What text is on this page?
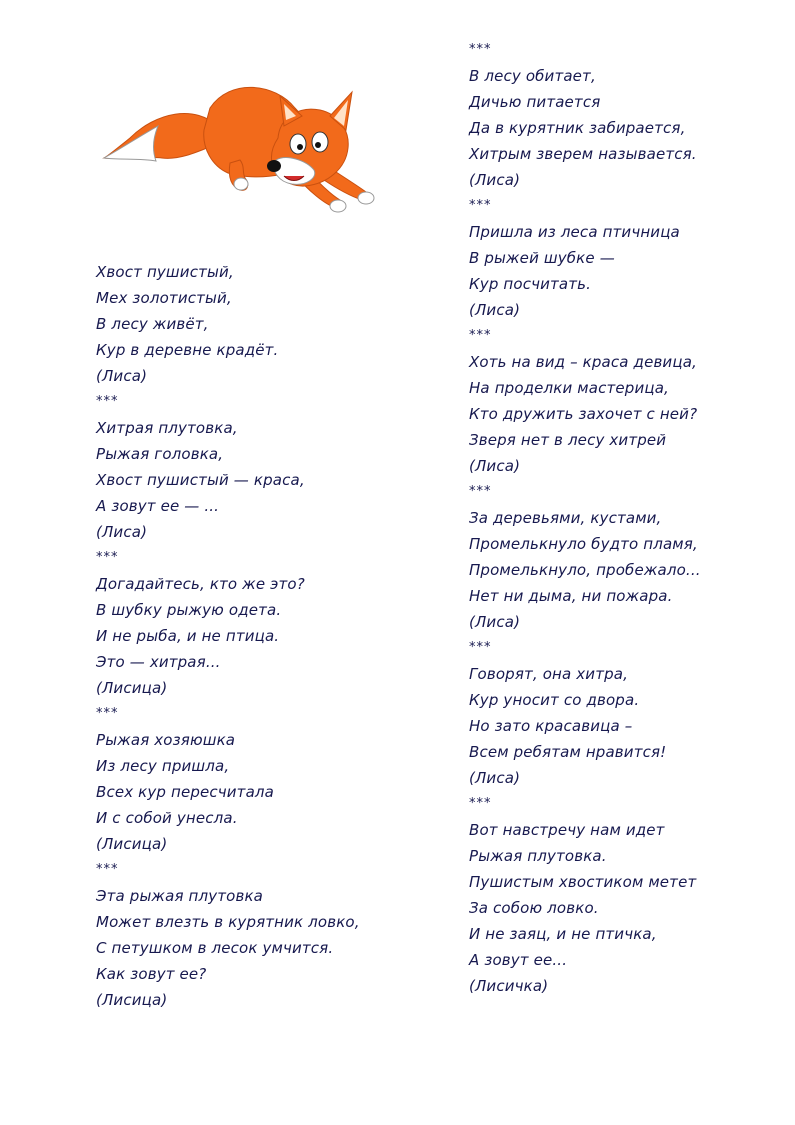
Хвост пушистый,
Мех золотистый,
В лесу живёт,
Кур в деревне крадёт.
(Лиса)
***
Хитрая плутовка,
Рыжая головка,
Хвост пушистый — краса,
А зовут ее — ...
(Лиса)
***
Догадайтесь, кто же это?
В шубку рыжую одета.
И не рыба, и не птица.
Это — хитрая...
(Лисица)
***
Рыжая хозяюшка
Из лесу пришла,
Всех кур пересчитала
И с собой унесла.
(Лисица)
***
Эта рыжая плутовка
Может влезть в курятник ловко,
С петушком в лесок умчится.
Как зовут ее?
(Лисица)
***
В лесу обитает,
Дичью питается
Да в курятник забирается,
Хитрым зверем называется.
(Лиса)
***
Пришла из леса птичница
В рыжей шубке —
Кур посчитать.
(Лиса)
***
Хоть на вид – краса девица,
На проделки мастерица,
Кто дружить захочет с ней?
Зверя нет в лесу хитрей
(Лиса)
***
За деревьями, кустами,
Промелькнуло будто пламя,
Промелькнуло, пробежало...
Нет ни дыма, ни пожара.
(Лиса)
***
Говорят, она хитра,
Кур уносит со двора.
Но зато красавица –
Всем ребятам нравится!
(Лиса)
***
Вот навстречу нам идет
Рыжая плутовка.
Пушистым хвостиком метет
За собою ловко.
И не заяц, и не птичка,
А зовут ее...
(Лисичка)
